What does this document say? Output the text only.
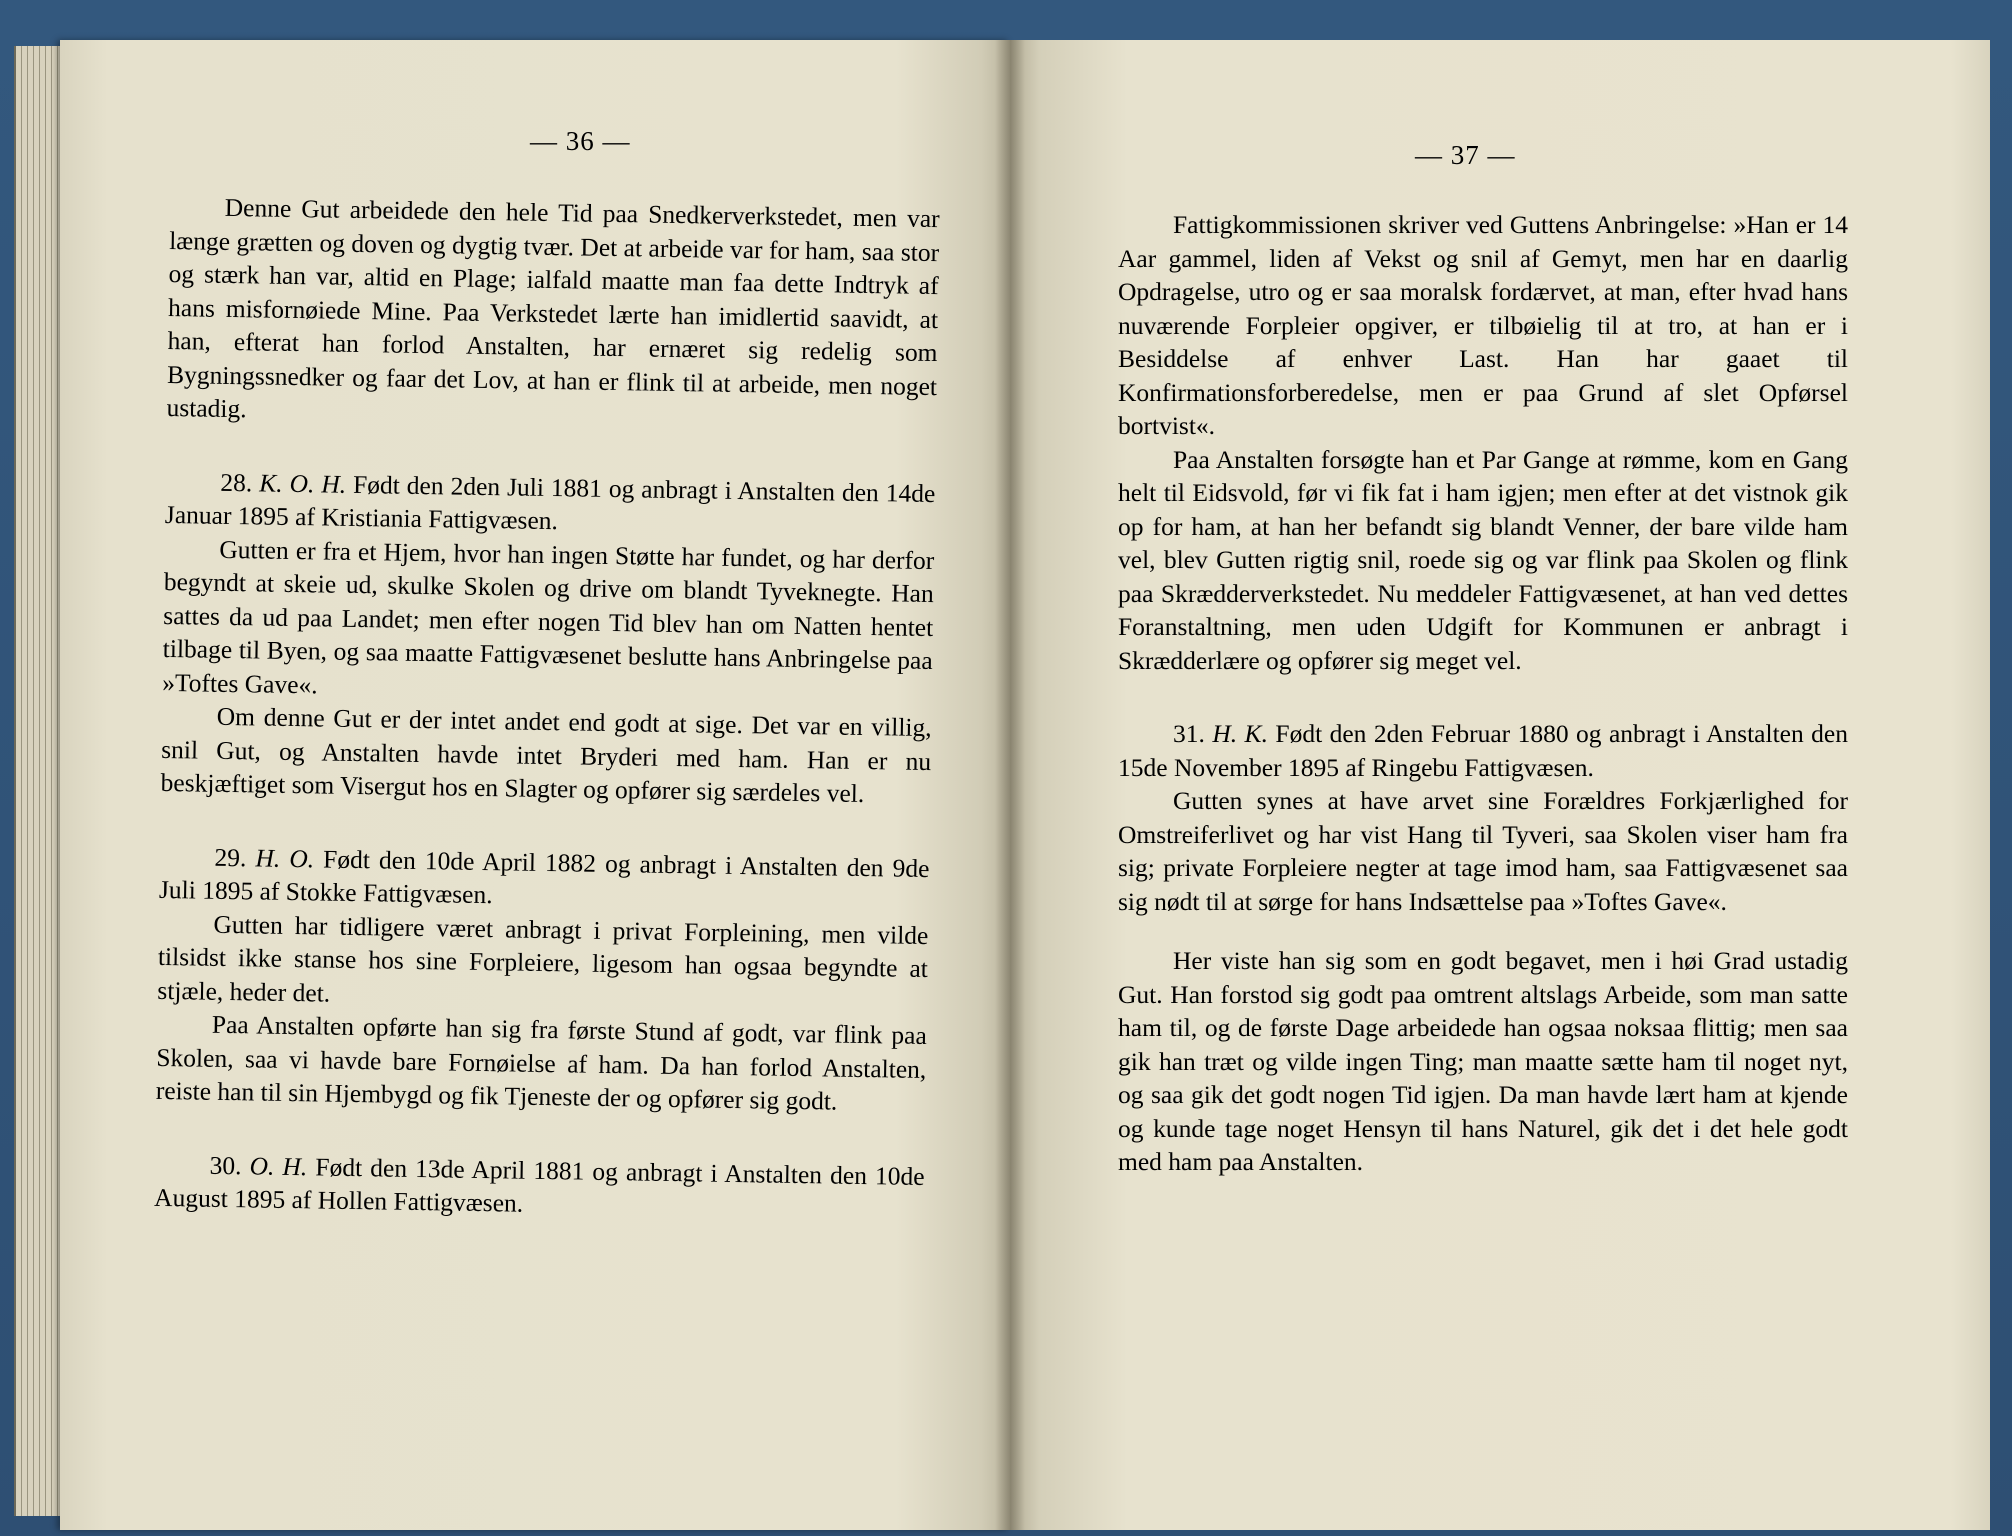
— 36 —	— 37 —

Denne Gut arbeidede den hele Tid paa Snedkerverkstedet, men var længe grætten og doven og dygtig tvær. Det at arbeide var for ham, saa stor og stærk han var, altid en Plage; ialfald maatte man faa dette Indtryk af hans misfornøiede Mine. Paa Verkstedet lærte han imidlertid saavidt, at han, efterat han forlod Anstalten, har ernæret sig redelig som Bygningssnedker og faar det Lov, at han er flink til at arbeide, men noget ustadig.

28. K. O. H. Født den 2den Juli 1881 og anbragt i Anstalten den 14de Januar 1895 af Kristiania Fattigvæsen.

Gutten er fra et Hjem, hvor han ingen Støtte har fundet, og har derfor begyndt at skeie ud, skulke Skolen og drive om blandt Tyveknegte. Han sattes da ud paa Landet; men efter nogen Tid blev han om Natten hentet tilbage til Byen, og saa maatte Fattigvæsenet beslutte hans Anbringelse paa »Toftes Gave«.

Om denne Gut er der intet andet end godt at sige. Det var en villig, snil Gut, og Anstalten havde intet Bryderi med ham. Han er nu beskjæftiget som Visergut hos en Slagter og opfører sig særdeles vel.

29. H. O. Født den 10de April 1882 og anbragt i Anstalten den 9de Juli 1895 af Stokke Fattigvæsen.

Gutten har tidligere været anbragt i privat Forpleining, men vilde tilsidst ikke stanse hos sine Forpleiere, ligesom han ogsaa begyndte at stjæle, heder det.

Paa Anstalten opførte han sig fra første Stund af godt, var flink paa Skolen, saa vi havde bare Fornøielse af ham. Da han forlod Anstalten, reiste han til sin Hjembygd og fik Tjeneste der og opfører sig godt.

30. O. H. Født den 13de April 1881 og anbragt i Anstalten den 10de August 1895 af Hollen Fattigvæsen.

Fattigkommissionen skriver ved Guttens Anbringelse: »Han er 14 Aar gammel, liden af Vekst og snil af Gemyt, men har en daarlig Opdragelse, utro og er saa moralsk fordærvet, at man, efter hvad hans nuværende Forpleier opgiver, er tilbøielig til at tro, at han er i Besiddelse af enhver Last. Han har gaaet til Konfirmationsforberedelse, men er paa Grund af slet Opførsel bortvist«.

Paa Anstalten forsøgte han et Par Gange at rømme, kom en Gang helt til Eidsvold, før vi fik fat i ham igjen; men efter at det vistnok gik op for ham, at han her befandt sig blandt Venner, der bare vilde ham vel, blev Gutten rigtig snil, roede sig og var flink paa Skolen og flink paa Skrædderverkstedet. Nu meddeler Fattigvæsenet, at han ved dettes Foranstaltning, men uden Udgift for Kommunen er anbragt i Skrædderlære og opfører sig meget vel.

31. H. K. Født den 2den Februar 1880 og anbragt i Anstalten den 15de November 1895 af Ringebu Fattigvæsen.

Gutten synes at have arvet sine Forældres Forkjærlighed for Omstreiferlivet og har vist Hang til Tyveri, saa Skolen viser ham fra sig; private Forpleiere negter at tage imod ham, saa Fattigvæsenet saa sig nødt til at sørge for hans Indsættelse paa »Toftes Gave«.

Her viste han sig som en godt begavet, men i høi Grad ustadig Gut. Han forstod sig godt paa omtrent altslags Arbeide, som man satte ham til, og de første Dage arbeidede han ogsaa noksaa flittig; men saa gik han træt og vilde ingen Ting; man maatte sætte ham til noget nyt, og saa gik det godt nogen Tid igjen. Da man havde lært ham at kjende og kunde tage noget Hensyn til hans Naturel, gik det i det hele godt med ham paa Anstalten.
